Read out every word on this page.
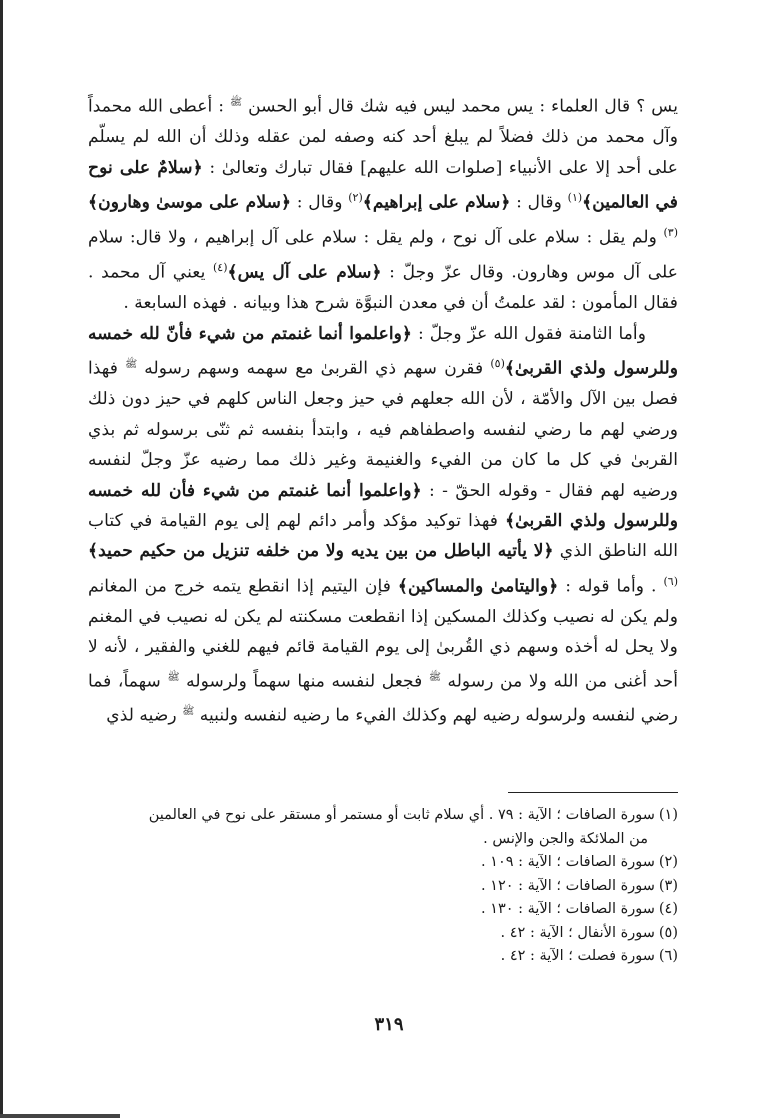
يس ؟ قال العلماء : يس محمد ليس فيه شك قال أبو الحسن $^ﷺ$ : أعطى الله محمداً وآل محمد من ذلك فضلاً لم يبلغ أحد كنه وصفه لمن عقله وذلك أن الله لم يسلّم على أحد إلا على الأنبياء [صلوات الله عليهم] فقال تبارك وتعالىٰ : ﴿سلامٌ على نوح في العالمين﴾$^{(١)}$ وقال : ﴿سلام على إبراهيم﴾$^{(٢)}$ وقال : ﴿سلام على موسىٰ وهارون﴾$^{(٣)}$ ولم يقل : سلام على آل نوح ، ولم يقل : سلام على آل إبراهيم ، ولا قال: سلام على آل موس وهارون. وقال عزّ وجلّ : ﴿سلام على آل يس﴾$^{(٤)}$ يعني آل محمد . فقال المأمون : لقد علمتُ أن في معدن النبوَّة شرح هذا وبيانه . فهذه السابعة .

وأما الثامنة فقول الله عزّ وجلّ : ﴿واعلموا أنما غنمتم من شيء فأنّ لله خمسه وللرسول ولذي القربىٰ﴾$^{(٥)}$ فقرن سهم ذي القربىٰ مع سهمه وسهم رسوله $^ﷺ$ فهذا فصل بين الآل والأمّة ، لأن الله جعلهم في حيز وجعل الناس كلهم في حيز دون ذلك ورضي لهم ما رضي لنفسه واصطفاهم فيه ، وابتدأ بنفسه ثم ثنّى برسوله ثم بذي القربىٰ في كل ما كان من الفيء والغنيمة وغير ذلك مما رضيه عزّ وجلّ لنفسه ورضيه لهم فقال - وقوله الحقّ - : ﴿واعلموا أنما غنمتم من شيء فأن لله خمسه وللرسول ولذي القربىٰ﴾ فهذا توكيد مؤكد وأمر دائم لهم إلى يوم القيامة في كتاب الله الناطق الذي ﴿لا يأتيه الباطل من بين يديه ولا من خلفه تنزيل من حكيم حميد﴾$^{(٦)}$ . وأما قوله : ﴿واليتامىٰ والمساكين﴾ فإن اليتيم إذا انقطع يتمه خرج من المغانم ولم يكن له نصيب وكذلك المسكين إذا انقطعت مسكنته لم يكن له نصيب في المغنم ولا يحل له أخذه وسهم ذي القُربىٰ إلى يوم القيامة قائم فيهم للغني والفقير ، لأنه لا أحد أغنى من الله ولا من رسوله $^ﷺ$ فجعل لنفسه منها سهماً ولرسوله $^ﷺ$ سهماً، فما رضي لنفسه ولرسوله رضيه لهم وكذلك الفيء ما رضيه لنفسه ولنبيه $^ﷺ$ رضيه لذي

(١)سورة الصافات ؛ الآية : ٧٩ . أي سلام ثابت أو مستمر أو مستقر على نوح في العالمين
من الملائكة والجن والإنس .
(٢)سورة الصافات ؛ الآية : ١٠٩ .
(٣)سورة الصافات ؛ الآية : ١٢٠ .
(٤)سورة الصافات ؛ الآية : ١٣٠ .
(٥)سورة الأنفال ؛ الآية : ٤٢ .
(٦)سورة فصلت ؛ الآية : ٤٢ .
٣١٩
